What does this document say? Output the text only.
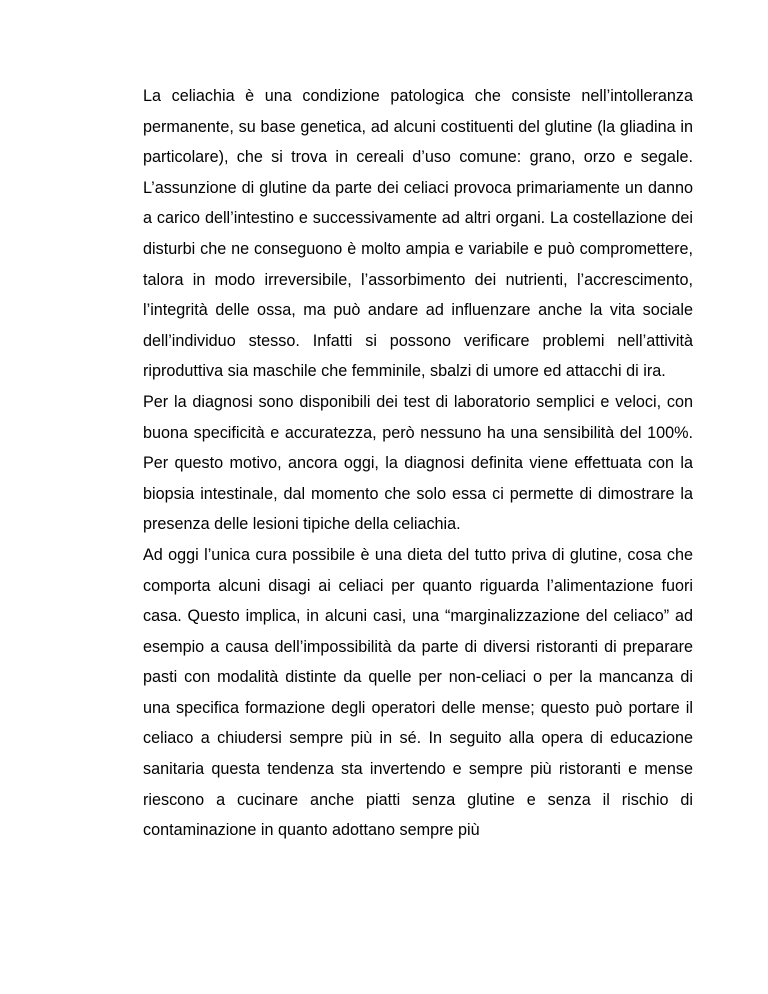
La celiachia è una condizione patologica che consiste nell’intolleranza permanente, su base genetica, ad alcuni costituenti del glutine (la gliadina in particolare), che si trova in cereali d’uso comune: grano, orzo e segale. L’assunzione di glutine da parte dei celiaci provoca primariamente un danno a carico dell’intestino e successivamente ad altri organi. La costellazione dei disturbi che ne conseguono è molto ampia e variabile e può compromettere, talora in modo irreversibile, l’assorbimento dei nutrienti, l’accrescimento, l’integrità delle ossa, ma può andare ad influenzare anche la vita sociale dell’individuo stesso. Infatti si possono verificare problemi nell’attività riproduttiva sia maschile che femminile, sbalzi di umore ed attacchi di ira.

Per la diagnosi sono disponibili dei test di laboratorio semplici e veloci, con buona specificità e accuratezza, però nessuno ha una sensibilità del 100%. Per questo motivo, ancora oggi, la diagnosi definita viene effettuata con la biopsia intestinale, dal momento che solo essa ci permette di dimostrare la presenza delle lesioni tipiche della celiachia.

Ad oggi l’unica cura possibile è una dieta del tutto priva di glutine, cosa che comporta alcuni disagi ai celiaci per quanto riguarda l’alimentazione fuori casa. Questo implica, in alcuni casi, una “marginalizzazione del celiaco” ad esempio a causa dell’impossibilità da parte di diversi ristoranti di preparare pasti con modalità distinte da quelle per non-celiaci o per la mancanza di una specifica formazione degli operatori delle mense; questo può portare il celiaco a chiudersi sempre più in sé. In seguito alla opera di educazione sanitaria questa tendenza sta invertendo e sempre più ristoranti e mense riescono a cucinare anche piatti senza glutine e senza il rischio di contaminazione in quanto adottano sempre più
